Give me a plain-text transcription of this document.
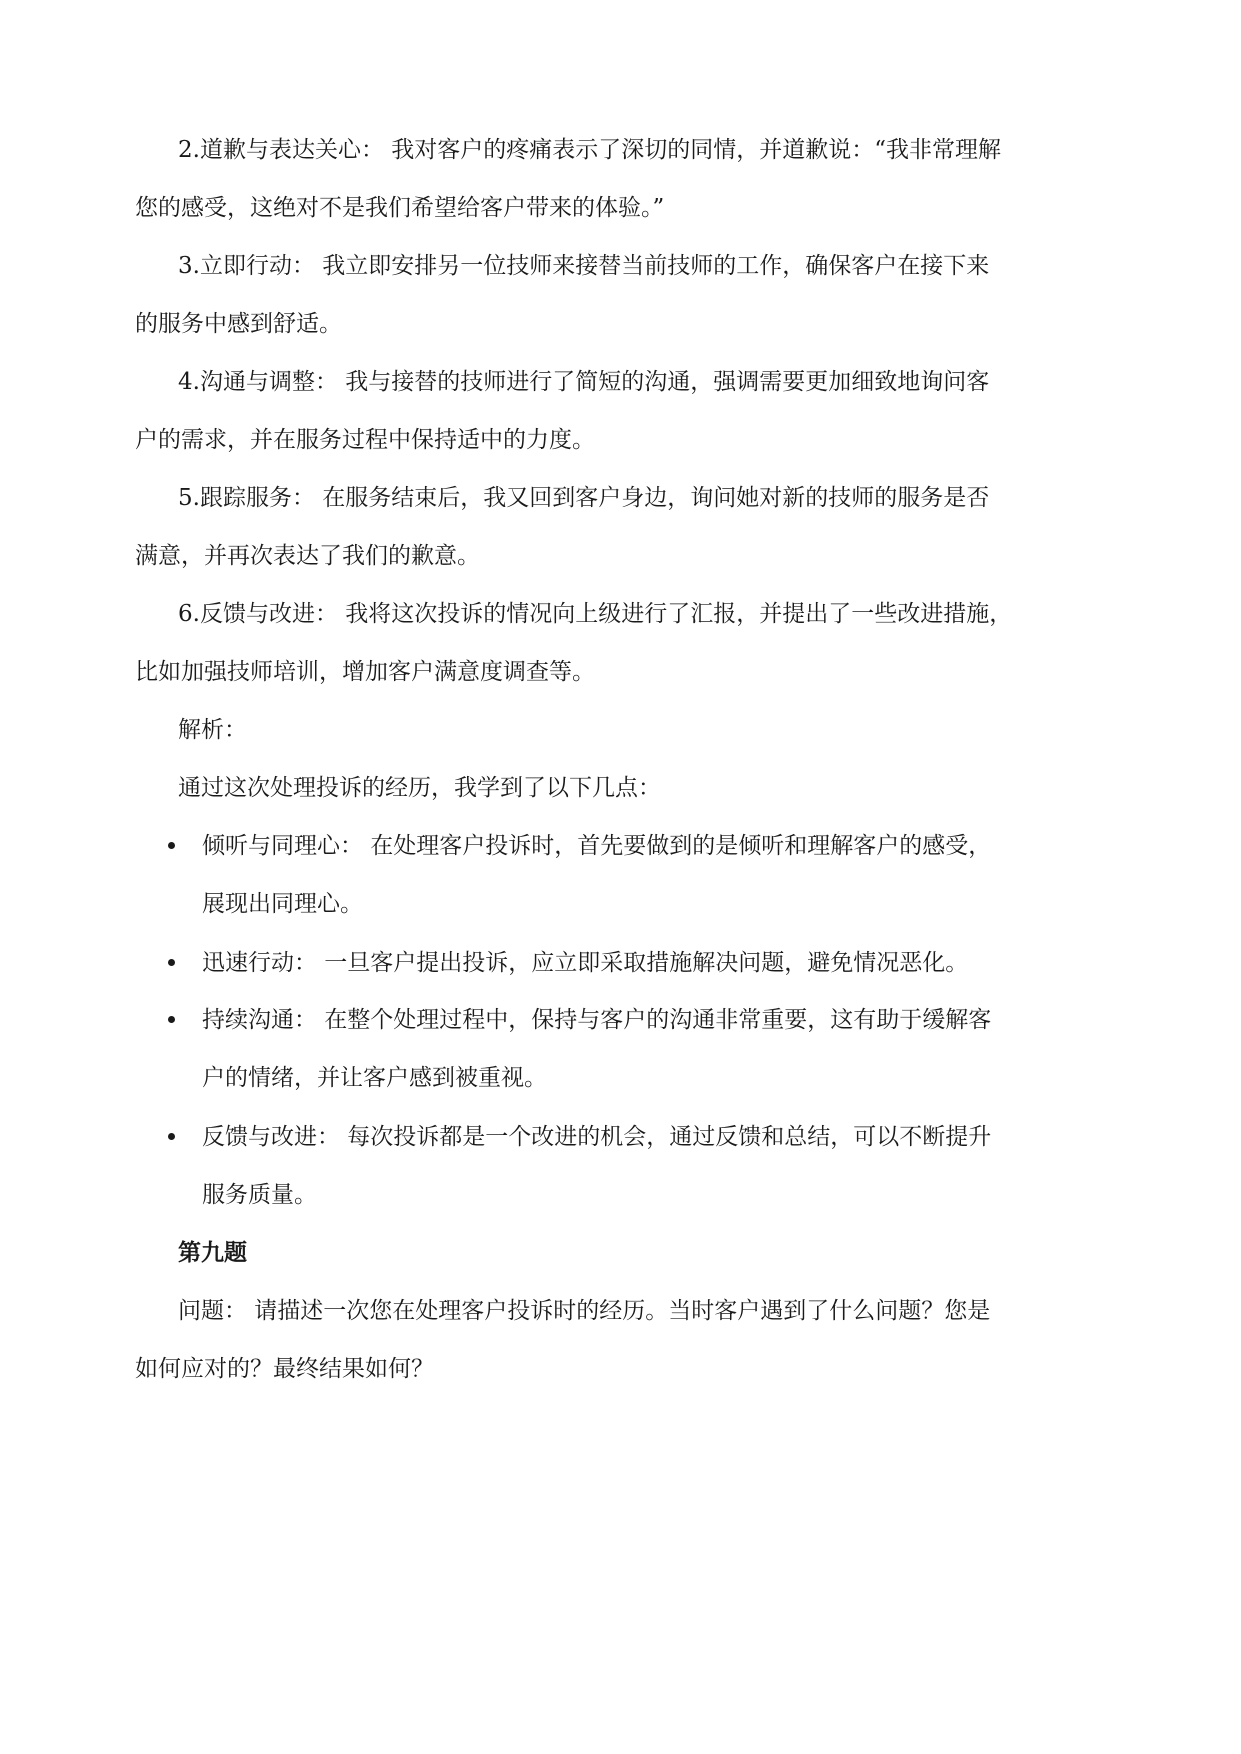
2.道歉与表达关心： 我对客户的疼痛表示了深切的同情，并道歉说：“我非常理解

您的感受，这绝对不是我们希望给客户带来的体验。”

3.立即行动： 我立即安排另一位技师来接替当前技师的工作，确保客户在接下来

的服务中感到舒适。

4.沟通与调整： 我与接替的技师进行了简短的沟通，强调需要更加细致地询问客

户的需求，并在服务过程中保持适中的力度。

5.跟踪服务： 在服务结束后，我又回到客户身边，询问她对新的技师的服务是否

满意，并再次表达了我们的歉意。

6.反馈与改进： 我将这次投诉的情况向上级进行了汇报，并提出了一些改进措施，

比如加强技师培训，增加客户满意度调查等。

解析：

通过这次处理投诉的经历，我学到了以下几点：

倾听与同理心： 在处理客户投诉时，首先要做到的是倾听和理解客户的感受，

展现出同理心。

迅速行动： 一旦客户提出投诉，应立即采取措施解决问题，避免情况恶化。

持续沟通： 在整个处理过程中，保持与客户的沟通非常重要，这有助于缓解客

户的情绪，并让客户感到被重视。

反馈与改进： 每次投诉都是一个改进的机会，通过反馈和总结，可以不断提升

服务质量。

第九题

问题： 请描述一次您在处理客户投诉时的经历。当时客户遇到了什么问题？您是

如何应对的？最终结果如何？
